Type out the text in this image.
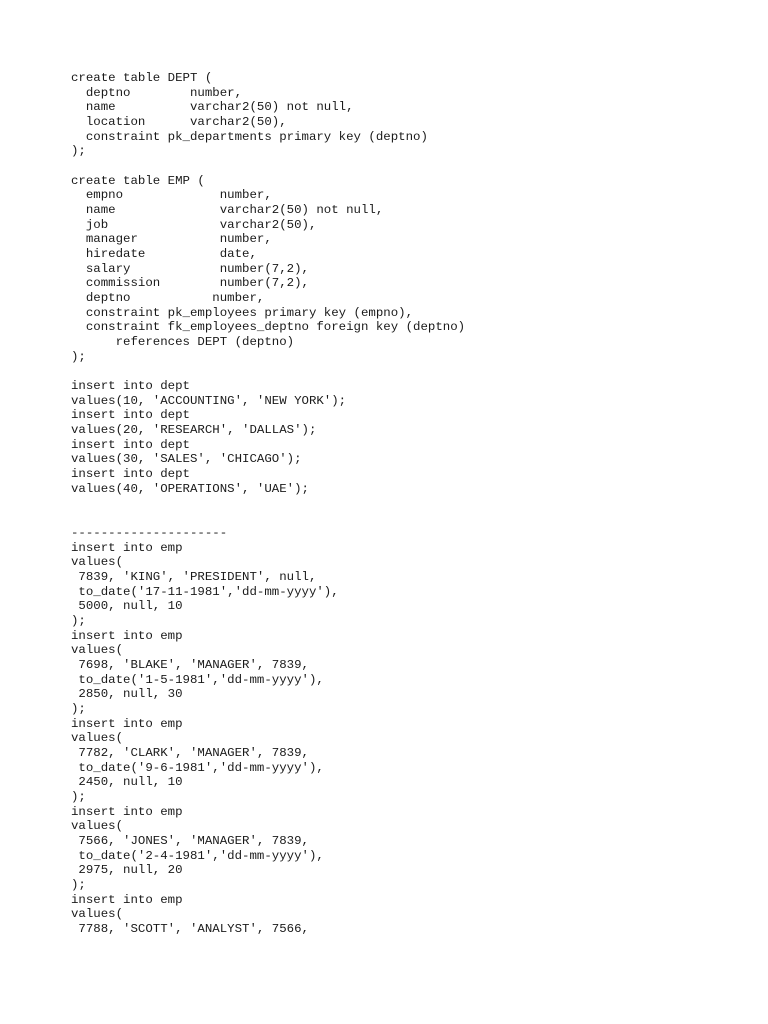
create table DEPT (
deptno        number,
name          varchar2(50) not null,
location      varchar2(50),
constraint pk_departments primary key (deptno)
);
create table EMP (
empno             number,
name              varchar2(50) not null,
job               varchar2(50),
manager           number,
hiredate          date,
salary            number(7,2),
commission        number(7,2),
deptno           number,
constraint pk_employees primary key (empno),
constraint fk_employees_deptno foreign key (deptno)
references DEPT (deptno)
);
insert into dept
values(10, 'ACCOUNTING', 'NEW YORK');
insert into dept
values(20, 'RESEARCH', 'DALLAS');
insert into dept
values(30, 'SALES', 'CHICAGO');
insert into dept
values(40, 'OPERATIONS', 'UAE');
---------------------
insert into emp
values(
7839, 'KING', 'PRESIDENT', null,
to_date('17-11-1981','dd-mm-yyyy'),
5000, null, 10
);
insert into emp
values(
7698, 'BLAKE', 'MANAGER', 7839,
to_date('1-5-1981','dd-mm-yyyy'),
2850, null, 30
);
insert into emp
values(
7782, 'CLARK', 'MANAGER', 7839,
to_date('9-6-1981','dd-mm-yyyy'),
2450, null, 10
);
insert into emp
values(
7566, 'JONES', 'MANAGER', 7839,
to_date('2-4-1981','dd-mm-yyyy'),
2975, null, 20
);
insert into emp
values(
7788, 'SCOTT', 'ANALYST', 7566,
